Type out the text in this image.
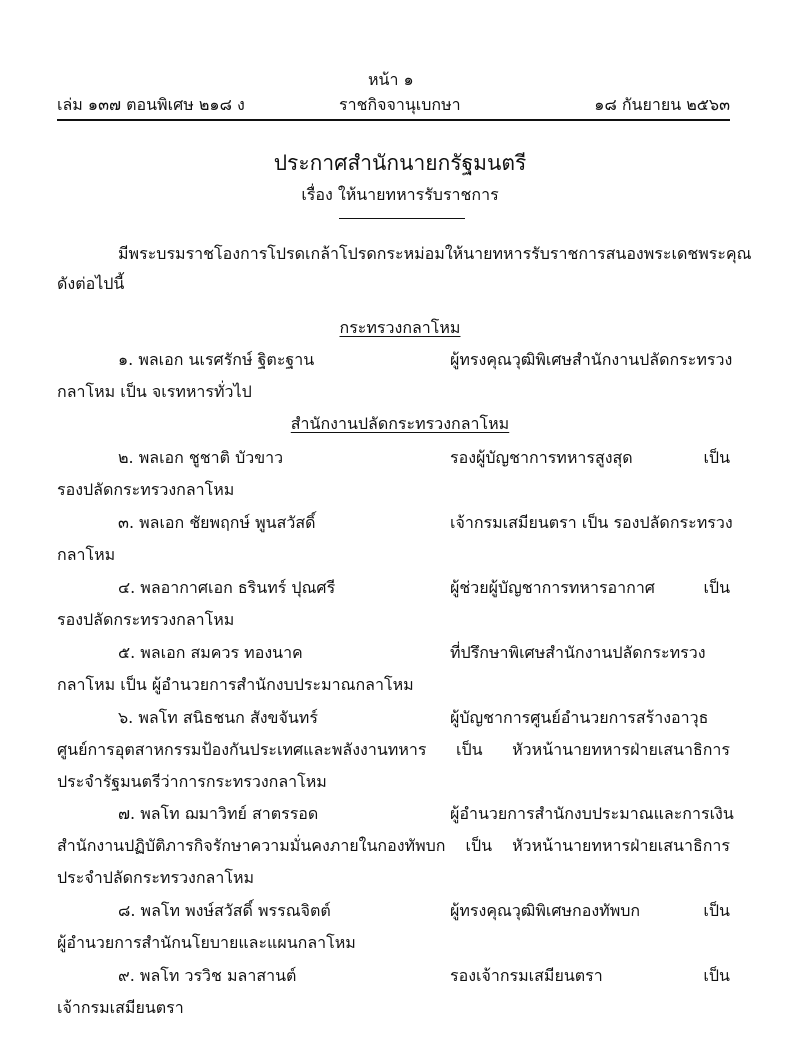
หน้า ๑
เล่ม ๑๓๗ ตอนพิเศษ ๒๑๘ ง	ราชกิจจานุเบกษา	๑๘ กันยายน ๒๕๖๓
ประกาศสำนักนายกรัฐมนตรี
เรื่อง ให้นายทหารรับราชการ
มีพระบรมราชโองการโปรดเกล้าโปรดกระหม่อมให้นายทหารรับราชการสนองพระเดชพระคุณ
ดังต่อไปนี้
กระทรวงกลาโหม
๑. พลเอก นเรศรักษ์ ฐิตะฐาน	ผู้ทรงคุณวุฒิพิเศษสำนักงานปลัดกระทรวง
กลาโหม เป็น จเรทหารทั่วไป
สำนักงานปลัดกระทรวงกลาโหม
๒. พลเอก ชูชาติ บัวขาว	รองผู้บัญชาการทหารสูงสุด เป็น
รองปลัดกระทรวงกลาโหม
๓. พลเอก ชัยพฤกษ์ พูนสวัสดิ์	เจ้ากรมเสมียนตรา เป็น รองปลัดกระทรวง
กลาโหม
๔. พลอากาศเอก ธรินทร์ ปุณศรี	ผู้ช่วยผู้บัญชาการทหารอากาศ เป็น
รองปลัดกระทรวงกลาโหม
๕. พลเอก สมควร ทองนาค	ที่ปรึกษาพิเศษสำนักงานปลัดกระทรวง
กลาโหม เป็น ผู้อำนวยการสำนักงบประมาณกลาโหม
๖. พลโท สนิธชนก สังขจันทร์	ผู้บัญชาการศูนย์อำนวยการสร้างอาวุธ
ศูนย์การอุตสาหกรรมป้องกันประเทศและพลังงานทหาร เป็น หัวหน้านายทหารฝ่ายเสนาธิการ
ประจำรัฐมนตรีว่าการกระทรวงกลาโหม
๗. พลโท ฌมาวิทย์ สาตรรอด	ผู้อำนวยการสำนักงบประมาณและการเงิน
สำนักงานปฏิบัติภารกิจรักษาความมั่นคงภายในกองทัพบก เป็น หัวหน้านายทหารฝ่ายเสนาธิการ
ประจำปลัดกระทรวงกลาโหม
๘. พลโท พงษ์สวัสดิ์ พรรณจิตต์	ผู้ทรงคุณวุฒิพิเศษกองทัพบก เป็น
ผู้อำนวยการสำนักนโยบายและแผนกลาโหม
๙. พลโท วรวิช มลาสานต์	รองเจ้ากรมเสมียนตรา เป็น
เจ้ากรมเสมียนตรา
